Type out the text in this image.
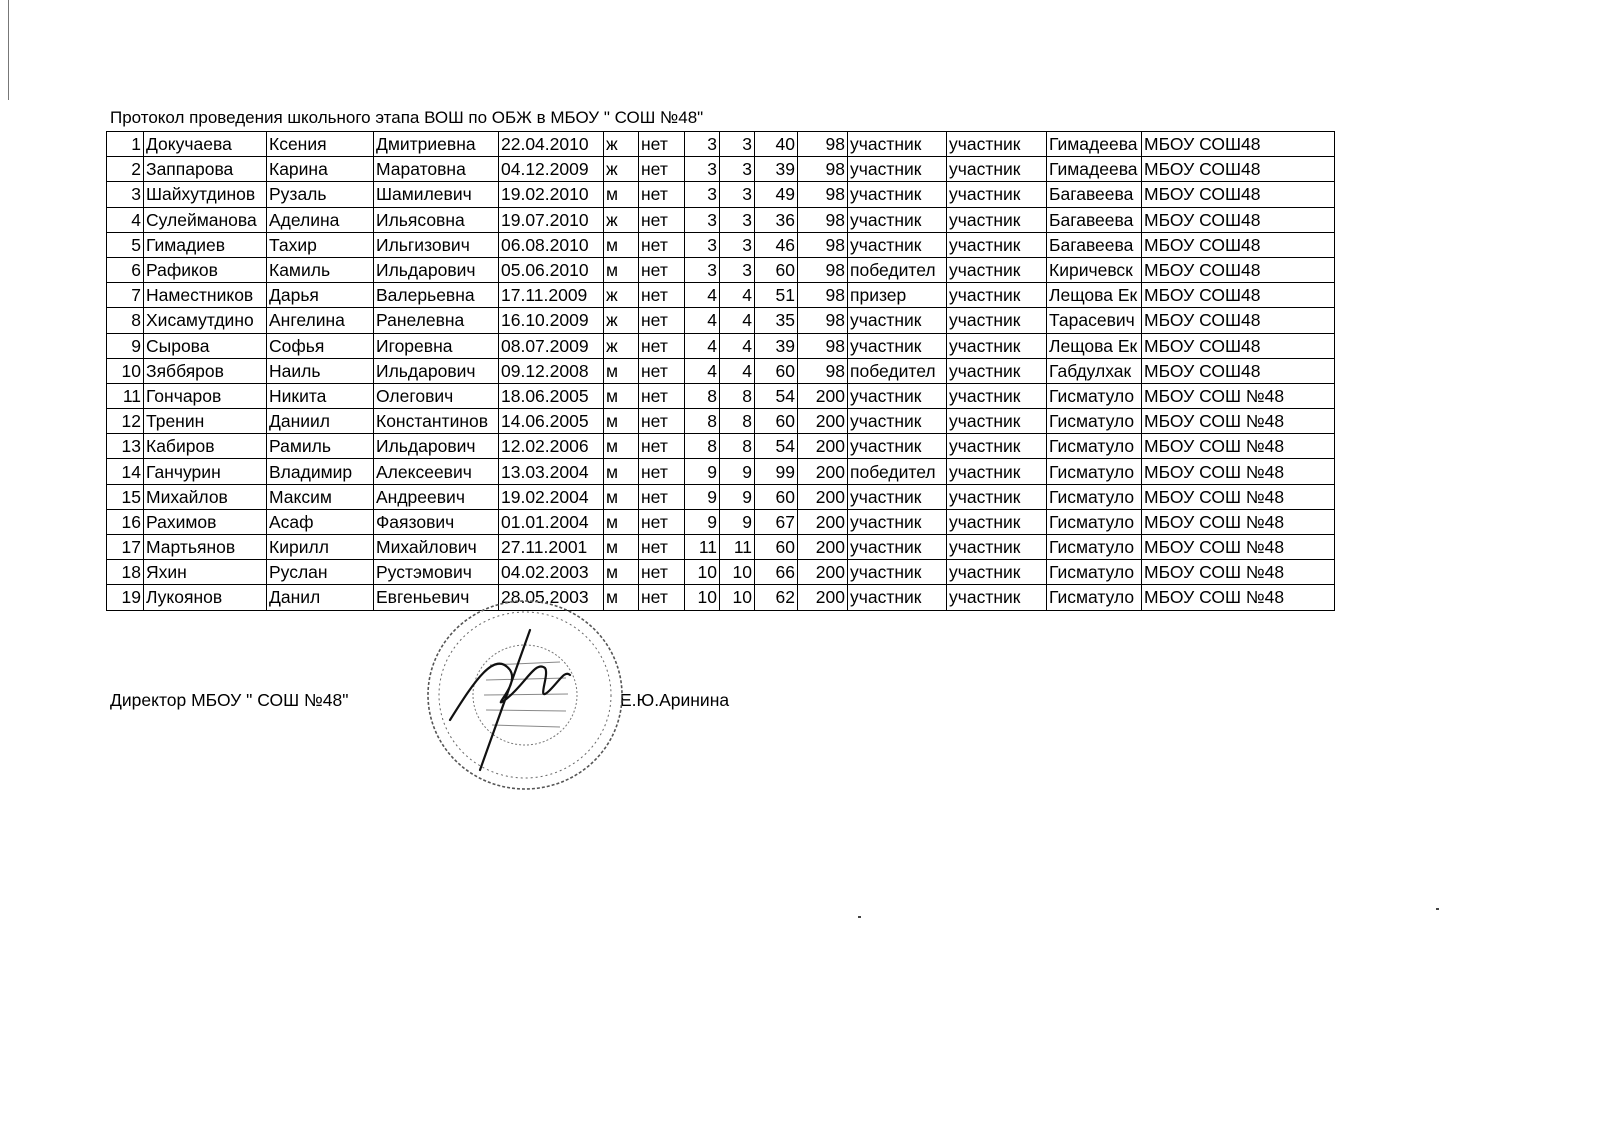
Протокол проведения школьного этапа ВОШ по ОБЖ в МБОУ " СОШ №48"
1	Докучаева	Ксения	Дмитриевна	22.04.2010	ж	нет	3	3	40	98	участник	участник	Гимадеева	МБОУ СОШ48
2	Заппарова	Карина	Маратовна	04.12.2009	ж	нет	3	3	39	98	участник	участник	Гимадеева	МБОУ СОШ48
3	Шайхутдинов	Рузаль	Шамилевич	19.02.2010	м	нет	3	3	49	98	участник	участник	Багавеева	МБОУ СОШ48
4	Сулейманова	Аделина	Ильясовна	19.07.2010	ж	нет	3	3	36	98	участник	участник	Багавеева	МБОУ СОШ48
5	Гимадиев	Тахир	Ильгизович	06.08.2010	м	нет	3	3	46	98	участник	участник	Багавеева	МБОУ СОШ48
6	Рафиков	Камиль	Ильдарович	05.06.2010	м	нет	3	3	60	98	победител	участник	Киричевск	МБОУ СОШ48
7	Наместников	Дарья	Валерьевна	17.11.2009	ж	нет	4	4	51	98	призер	участник	Лещова Ек	МБОУ СОШ48
8	Хисамутдино	Ангелина	Ранелевна	16.10.2009	ж	нет	4	4	35	98	участник	участник	Тарасевич	МБОУ СОШ48
9	Сырова	Софья	Игоревна	08.07.2009	ж	нет	4	4	39	98	участник	участник	Лещова Ек	МБОУ СОШ48
10	Зяббяров	Наиль	Ильдарович	09.12.2008	м	нет	4	4	60	98	победител	участник	Габдулхак	МБОУ СОШ48
11	Гончаров	Никита	Олегович	18.06.2005	м	нет	8	8	54	200	участник	участник	Гисматуло	МБОУ СОШ №48
12	Тренин	Даниил	Константинов	14.06.2005	м	нет	8	8	60	200	участник	участник	Гисматуло	МБОУ СОШ №48
13	Кабиров	Рамиль	Ильдарович	12.02.2006	м	нет	8	8	54	200	участник	участник	Гисматуло	МБОУ СОШ №48
14	Ганчурин	Владимир	Алексеевич	13.03.2004	м	нет	9	9	99	200	победител	участник	Гисматуло	МБОУ СОШ №48
15	Михайлов	Максим	Андреевич	19.02.2004	м	нет	9	9	60	200	участник	участник	Гисматуло	МБОУ СОШ №48
16	Рахимов	Асаф	Фаязович	01.01.2004	м	нет	9	9	67	200	участник	участник	Гисматуло	МБОУ СОШ №48
17	Мартьянов	Кирилл	Михайлович	27.11.2001	м	нет	11	11	60	200	участник	участник	Гисматуло	МБОУ СОШ №48
18	Яхин	Руслан	Рустэмович	04.02.2003	м	нет	10	10	66	200	участник	участник	Гисматуло	МБОУ СОШ №48
19	Лукоянов	Данил	Евгеньевич	28.05.2003	м	нет	10	10	62	200	участник	участник	Гисматуло	МБОУ СОШ №48
Директор МБОУ " СОШ №48"	Е.Ю.Аринина
